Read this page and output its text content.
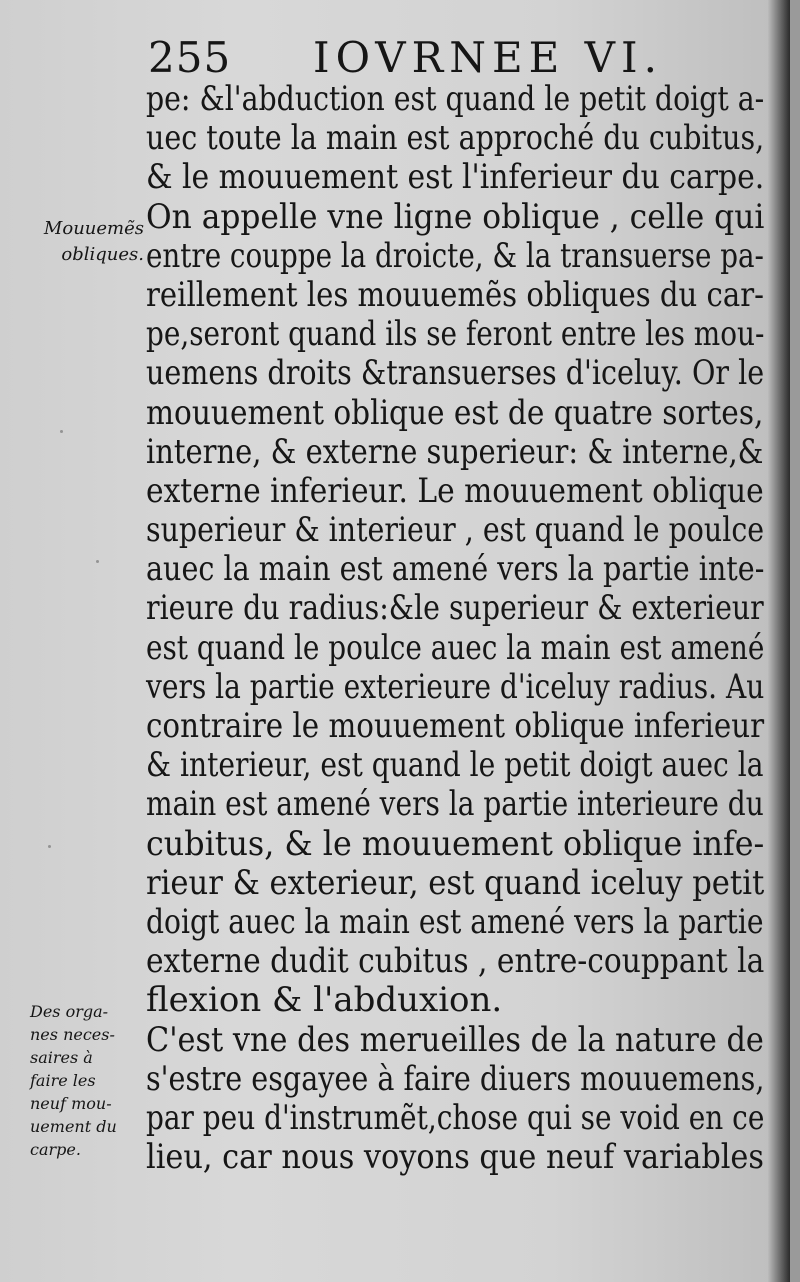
255 IOVRNEE VI.
Mouuemẽs
obliques.
Des orga-
nes neces-
saires à
faire les
neuf mou-
uement du
carpe.
pe: &l'abduction est quand le petit doigt a-
uec toute la main est approché du cubitus,
& le mouuement est l'inferieur du carpe.
On appelle vne ligne oblique , celle qui
entre couppe la droicte, & la transuerse pa-
reillement les mouuemẽs obliques du car-
pe,seront quand ils se feront entre les mou-
uemens droits &transuerses d'iceluy. Or le
mouuement oblique est de quatre sortes,
interne, & externe superieur: & interne,&
externe inferieur. Le mouuement oblique
superieur & interieur , est quand le poulce
auec la main est amené vers la partie inte-
rieure du radius:&le superieur & exterieur
est quand le poulce auec la main est amené
vers la partie exterieure d'iceluy radius. Au
contraire le mouuement oblique inferieur
& interieur, est quand le petit doigt auec la
main est amené vers la partie interieure du
cubitus, & le mouuement oblique infe-
rieur & exterieur, est quand iceluy petit
doigt auec la main est amené vers la partie
externe dudit cubitus , entre-couppant la
flexion & l'abduxion.
C'est vne des merueilles de la nature de
s'estre esgayee à faire diuers mouuemens,
par peu d'instrumẽt,chose qui se void en ce
lieu, car nous voyons que neuf variables
